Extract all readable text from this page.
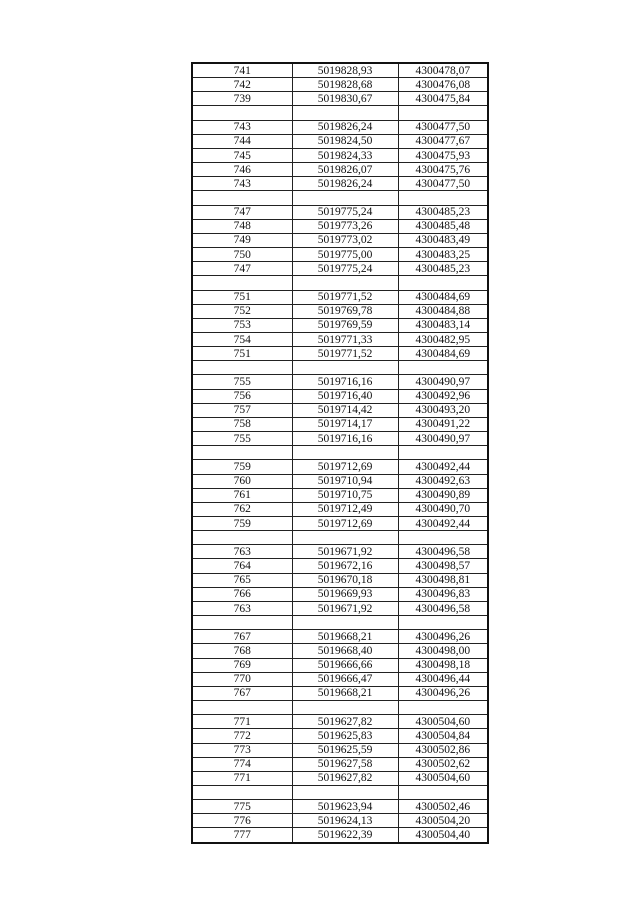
741	5019828,93	4300478,07
742	5019828,68	4300476,08
739	5019830,67	4300475,84

743	5019826,24	4300477,50
744	5019824,50	4300477,67
745	5019824,33	4300475,93
746	5019826,07	4300475,76
743	5019826,24	4300477,50

747	5019775,24	4300485,23
748	5019773,26	4300485,48
749	5019773,02	4300483,49
750	5019775,00	4300483,25
747	5019775,24	4300485,23

751	5019771,52	4300484,69
752	5019769,78	4300484,88
753	5019769,59	4300483,14
754	5019771,33	4300482,95
751	5019771,52	4300484,69

755	5019716,16	4300490,97
756	5019716,40	4300492,96
757	5019714,42	4300493,20
758	5019714,17	4300491,22
755	5019716,16	4300490,97

759	5019712,69	4300492,44
760	5019710,94	4300492,63
761	5019710,75	4300490,89
762	5019712,49	4300490,70
759	5019712,69	4300492,44

763	5019671,92	4300496,58
764	5019672,16	4300498,57
765	5019670,18	4300498,81
766	5019669,93	4300496,83
763	5019671,92	4300496,58

767	5019668,21	4300496,26
768	5019668,40	4300498,00
769	5019666,66	4300498,18
770	5019666,47	4300496,44
767	5019668,21	4300496,26

771	5019627,82	4300504,60
772	5019625,83	4300504,84
773	5019625,59	4300502,86
774	5019627,58	4300502,62
771	5019627,82	4300504,60

775	5019623,94	4300502,46
776	5019624,13	4300504,20
777	5019622,39	4300504,40
